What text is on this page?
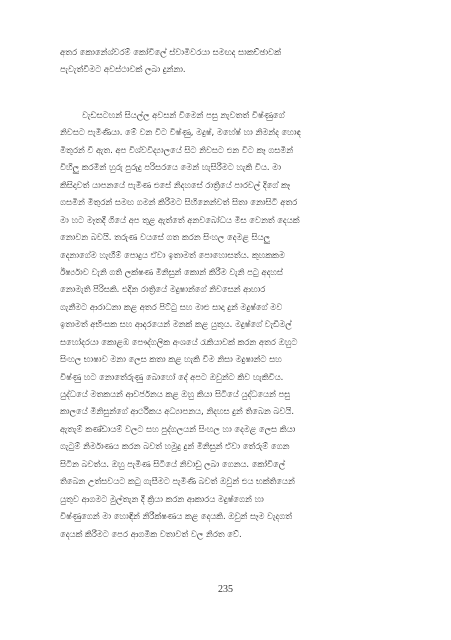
අතර කොනේශ්වරම් කෝවිලේ ස්වාමිවරයා සමඟද සාකච්ඡාවක්
පැවැත්වීමට අවස්ථාවක් ලබා දුන්නා.
වැඩසටහන් සියල්ල අවසන් වීමෙන් පසු නැවතත් විෂ්ණුගේ
නිවසට පැමිණියා. මේ වන විට විෂ්ණු, මදුෂ්, මහේෂ් හා නිමන්ද හොඳ
මිතුරන් වී ඇත. අප විශ්වවිද්‍යාලයේ සිට නිවසට එන විට කෑ ගසමින්
විහිලු කරමින් හුරු පුරුදු පරිසරයෙ මෙන් හැසිරීමට හැකි විය. මා
කිසිදාවත් යාපනයේ පැමිණ එසේ නිදහසේ රාත්‍රියේ පාරවල් දිගේ කෑ
ගසමින් මිතුරන් සමඟ ගමන් කිරීමට සිහිනෙන්වත් සිතා නොසිටි අතර
මා හට මෑතදී ගියේ අප තුළ ඇත්තේ අනවබෝධය මිස වෙනත් දෙයක්
නොවන බවයි. තරුණ වයසේ ගත කරන සිංහල දෙමළ සියලු
දෙනාගේම හැඟීම් පොදුය ඒවා ඉතාමත් පොහොසත්ය. කුහකකම
ඊර්ෂ්‍යාව වැනි ගති ලක්ෂණ මිනිසුන් කොන් කිරීම වැනි පටු අදහස්
නොමැති පිරිසකි. එදින රාත්‍රියේ මදුෂාන්ගේ නිවසෙන් ආහාර
ගැනීමට ආරාධනා කළ අතර පිට්ටු සහ මාළු සාදා දුන් මදුෂ්ගේ මව
ඉතාමත් අභිංසක සහ ආදරයෙන් මනක් කළ යුතුය. මදුෂ්ගේ වැඩිමල්
සහෝදරයා කොළඹ පෞද්ගලික අංශයේ රැකියාවක් කරන අතර ඔහුට
සිංහල භාෂාව මනා ලෙස කතා කළ හැකි වීම නිසා මදුෂාන්ට සහ
විෂ්ණු හට නොතේරුණු බොහෝ දේ අපට ඔවුන්ට කිව හැකිවිය.
යුද්ධයේ මතකයන් ආවර්ජනය කළ ඔහු කියා සිටියේ යුද්ධයෙන් පසු
කාලයේ මිනිසුන්ගේ ආර්ථිකය අධ්‍යාපනය, නිදහස දුන් තිබෙන බවයි.
ඇතැම් කණ්ඩායම් වලට සහ පුද්ගලයන් සිංහල හා දෙමළ ලෙස කියා
ගැටුම් නිර්මාණය කරන බවත් හමුදු දුන් මිනිසුන් ඒවා තේරුම් ගෙන
සිටින බවත්ය. ඔහු පැමිණ සිටියේ නිවාඩු ලබා ගෙනය. කෝවිලේ
තිබෙන උත්සවයට කටු ගැසීමට පැමිණි බවත් ඔවුන් එය භක්තියෙන්
යුතුව ආගමට මුල්තැන දී ක්‍රියා කරන ආකාරය මදුෂ්ගෙන් හා
විෂ්ණුගෙන් මා හොඳින් නිරීක්ෂණය කළ දෙයකි. ඔවුන් සෑම වැදගත්
දෙයක් කිරීමට පෙර ආගමික වතාවත් වල නිරත වේ.
235
